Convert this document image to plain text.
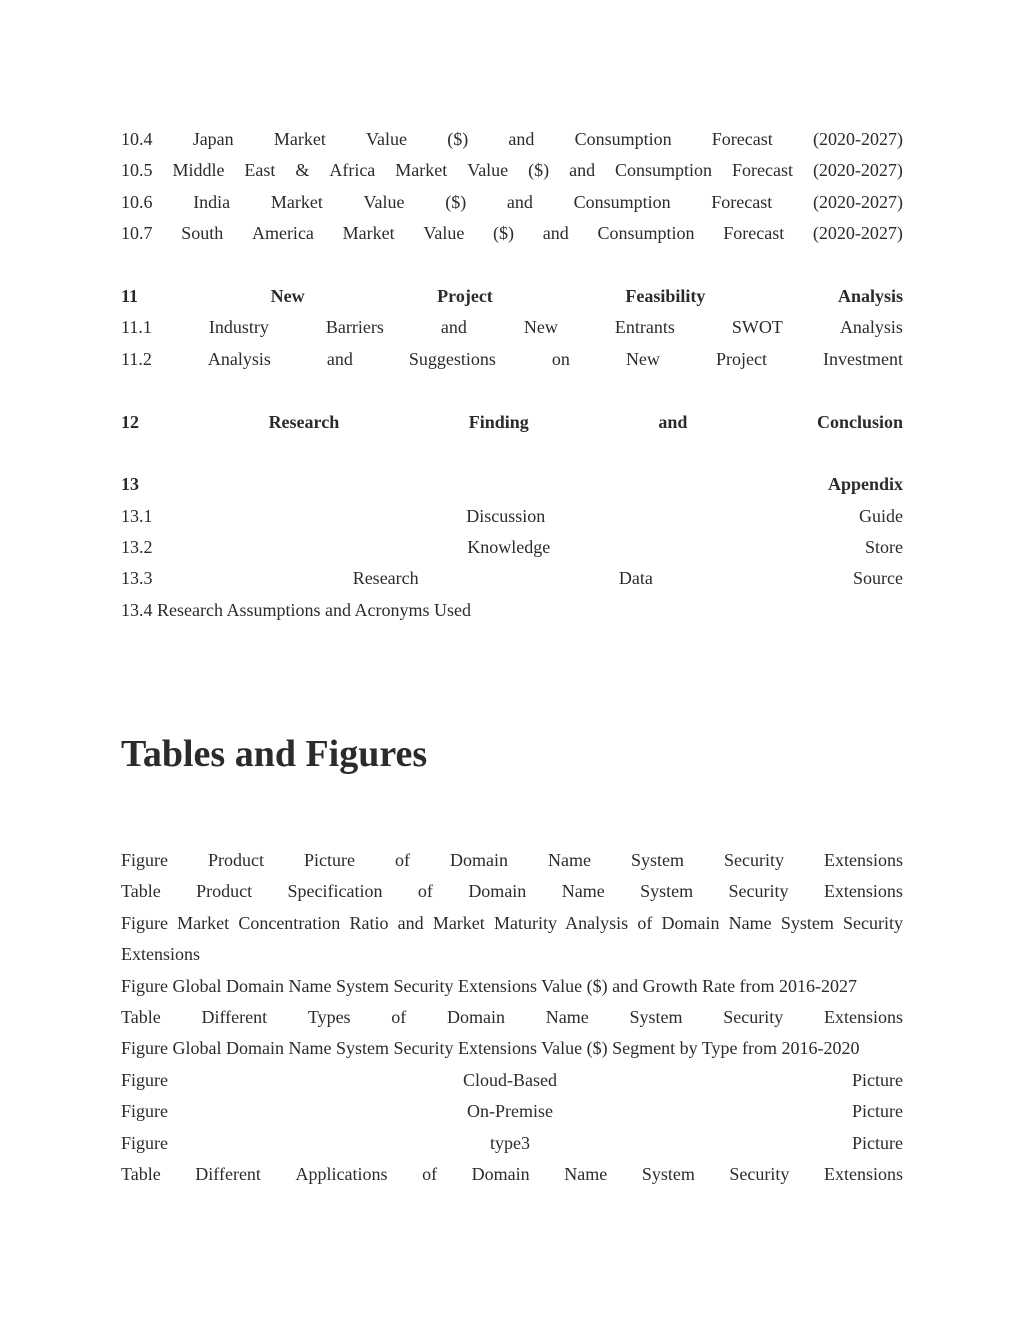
10.4 Japan Market Value ($) and Consumption Forecast (2020-2027)
10.5 Middle East & Africa Market Value ($) and Consumption Forecast (2020-2027)
10.6 India Market Value ($) and Consumption Forecast (2020-2027)
10.7 South America Market Value ($) and Consumption Forecast (2020-2027)
11	New	Project	Feasibility	Analysis
11.1	Industry	Barriers	and	New	Entrants	SWOT	Analysis
11.2	Analysis	and	Suggestions	on	New	Project	Investment
12	Research	Finding	and	Conclusion
13	Appendix
13.1	Discussion	Guide
13.2	Knowledge	Store
13.3	Research	Data	Source
13.4 Research Assumptions and Acronyms Used
Tables and Figures
Figure Product Picture of Domain Name System Security Extensions
Table Product Specification of Domain Name System Security Extensions
Figure Market Concentration Ratio and Market Maturity Analysis of Domain Name System Security Extensions
Figure Global Domain Name System Security Extensions Value ($) and Growth Rate from 2016-2027
Table Different Types of Domain Name System Security Extensions
Figure Global Domain Name System Security Extensions Value ($) Segment by Type from 2016-2020
Figure	Cloud-Based	Picture
Figure	On-Premise	Picture
Figure	type3	Picture
Table Different Applications of Domain Name System Security Extensions
